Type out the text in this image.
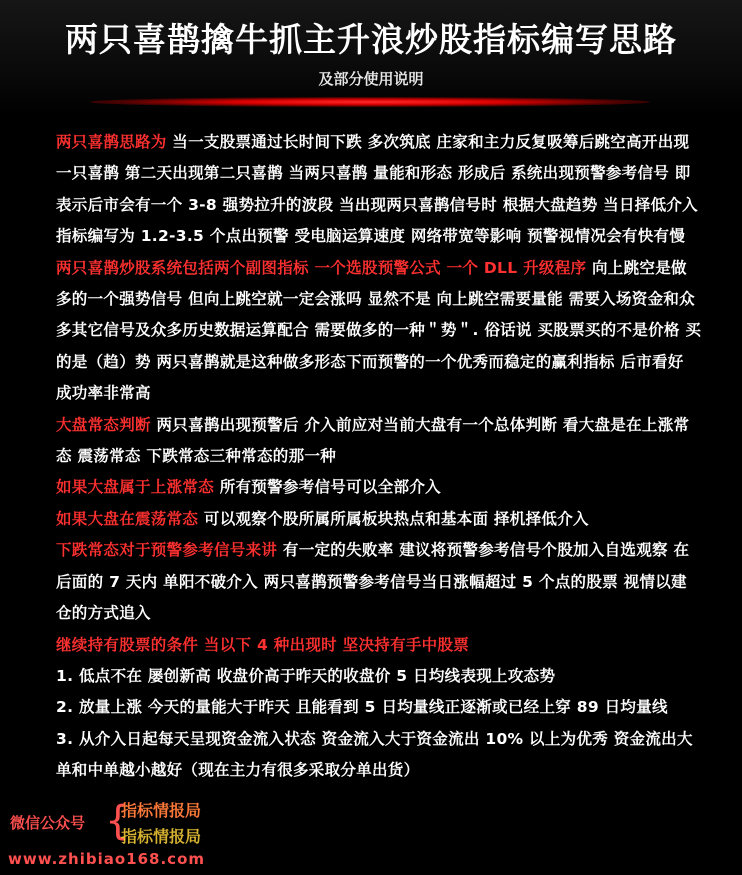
两只喜鹊擒牛抓主升浪炒股指标编写思路
及部分使用说明

两只喜鹊思路为 当一支股票通过长时间下跌 多次筑底 庄家和主力反复吸筹后跳空高开出现一只喜鹊 第二天出现第二只喜鹊 当两只喜鹊 量能和形态 形成后 系统出现预警参考信号 即表示后市会有一个 3-8 强势拉升的波段 当出现两只喜鹊信号时 根据大盘趋势 当日择低介入

指标编写为 1.2-3.5 个点出预警 受电脑运算速度 网络带宽等影响 预警视情况会有快有慢

两只喜鹊炒股系统包括两个副图指标 一个选股预警公式 一个 DLL 升级程序 向上跳空是做多的一个强势信号 但向上跳空就一定会涨吗 显然不是 向上跳空需要量能 需要入场资金和众多其它信号及众多历史数据运算配合 需要做多的一种＂势＂. 俗话说 买股票买的不是价格 买的是（趋）势 两只喜鹊就是这种做多形态下而预警的一个优秀而稳定的赢利指标 后市看好 成功率非常高

大盘常态判断 两只喜鹊出现预警后 介入前应对当前大盘有一个总体判断 看大盘是在上涨常态 震荡常态 下跌常态三种常态的那一种

如果大盘属于上涨常态 所有预警参考信号可以全部介入

如果大盘在震荡常态 可以观察个股所属所属板块热点和基本面 择机择低介入

下跌常态对于预警参考信号来讲 有一定的失败率 建议将预警参考信号个股加入自选观察 在后面的 7 天内 单阳不破介入 两只喜鹊预警参考信号当日涨幅超过 5 个点的股票 视情以建仓的方式追入

继续持有股票的条件 当以下 4 种出现时 坚决持有手中股票

1. 低点不在 屡创新高 收盘价高于昨天的收盘价 5 日均线表现上攻态势

2. 放量上涨 今天的量能大于昨天 且能看到 5 日均量线正逐渐或已经上穿 89 日均量线

3. 从介入日起每天呈现资金流入状态 资金流入大于资金流出 10% 以上为优秀 资金流出大单和中单越小越好（现在主力有很多采取分单出货）

微信公众号 {
指标情报局
指标情报局
www.zhibiao168.com
